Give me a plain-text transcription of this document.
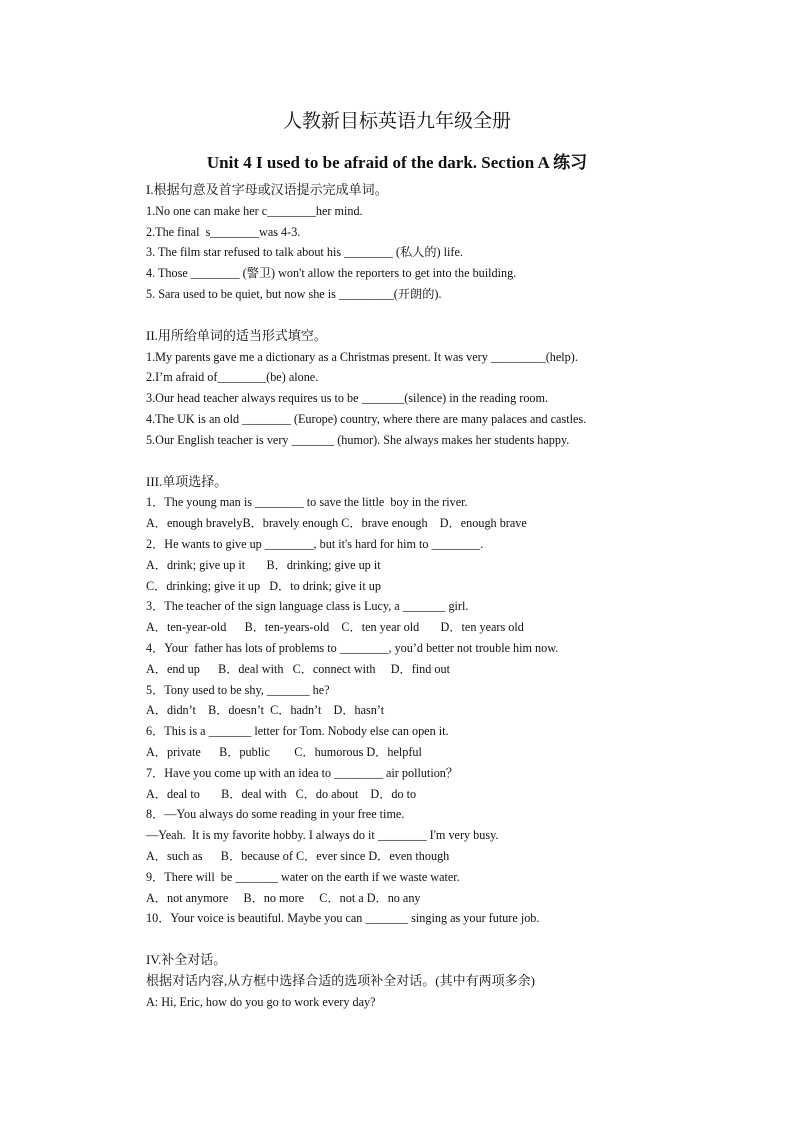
人教新目标英语九年级全册
Unit 4 I used to be afraid of the dark. Section A 练习
I.根据句意及首字母或汉语提示完成单词。
1.No one can make her c________her mind.
2.The final  s________was 4-3.
3. The film star refused to talk about his ________ (私人的) life.
4. Those ________ (警卫) won't allow the reporters to get into the building.
5. Sara used to be quiet, but now she is _________(开朗的).
II.用所给单词的适当形式填空。
1.My parents gave me a dictionary as a Christmas present. It was very _________(help).
2.I’m afraid of________(be) alone.
3.Our head teacher always requires us to be _______(silence) in the reading room.
4.The UK is an old ________ (Europe) country, where there are many palaces and castles.
5.Our English teacher is very _______ (humor). She always makes her students happy.
III.单项选择。
1．The young man is ________ to save the little  boy in the river.
A．enough bravelyB．bravely enough C．brave enough    D．enough brave
2．He wants to give up ________, but it's hard for him to ________.
A．drink; give up it       B．drinking; give up it
C．drinking; give it up   D．to drink; give it up
3．The teacher of the sign language class is Lucy, a _______ girl.
A．ten-year-old      B．ten-years-old    C．ten year old       D．ten years old
4．Your  father has lots of problems to ________, you’d better not trouble him now.
A．end up      B．deal with   C．connect with     D．find out
5．Tony used to be shy, _______ he?
A．didn’t    B．doesn’t  C．hadn’t    D．hasn’t
6．This is a _______ letter for Tom. Nobody else can open it.
A．private      B．public        C．humorous D．helpful
7．Have you come up with an idea to ________ air pollution？
A．deal to       B．deal with   C．do about    D．do to
8．—You always do some reading in your free time.
—Yeah.  It is my favorite hobby. I always do it ________ I'm very busy.
A．such as      B．because of C．ever since D．even though
9．There will  be _______ water on the earth if we waste water.
A．not anymore     B．no more     C．not a D．no any
10．Your voice is beautiful. Maybe you can _______ singing as your future job.
IV.补全对话。
根据对话内容,从方框中选择合适的选项补全对话。(其中有两项多余)
A: Hi, Eric, how do you go to work every day?
